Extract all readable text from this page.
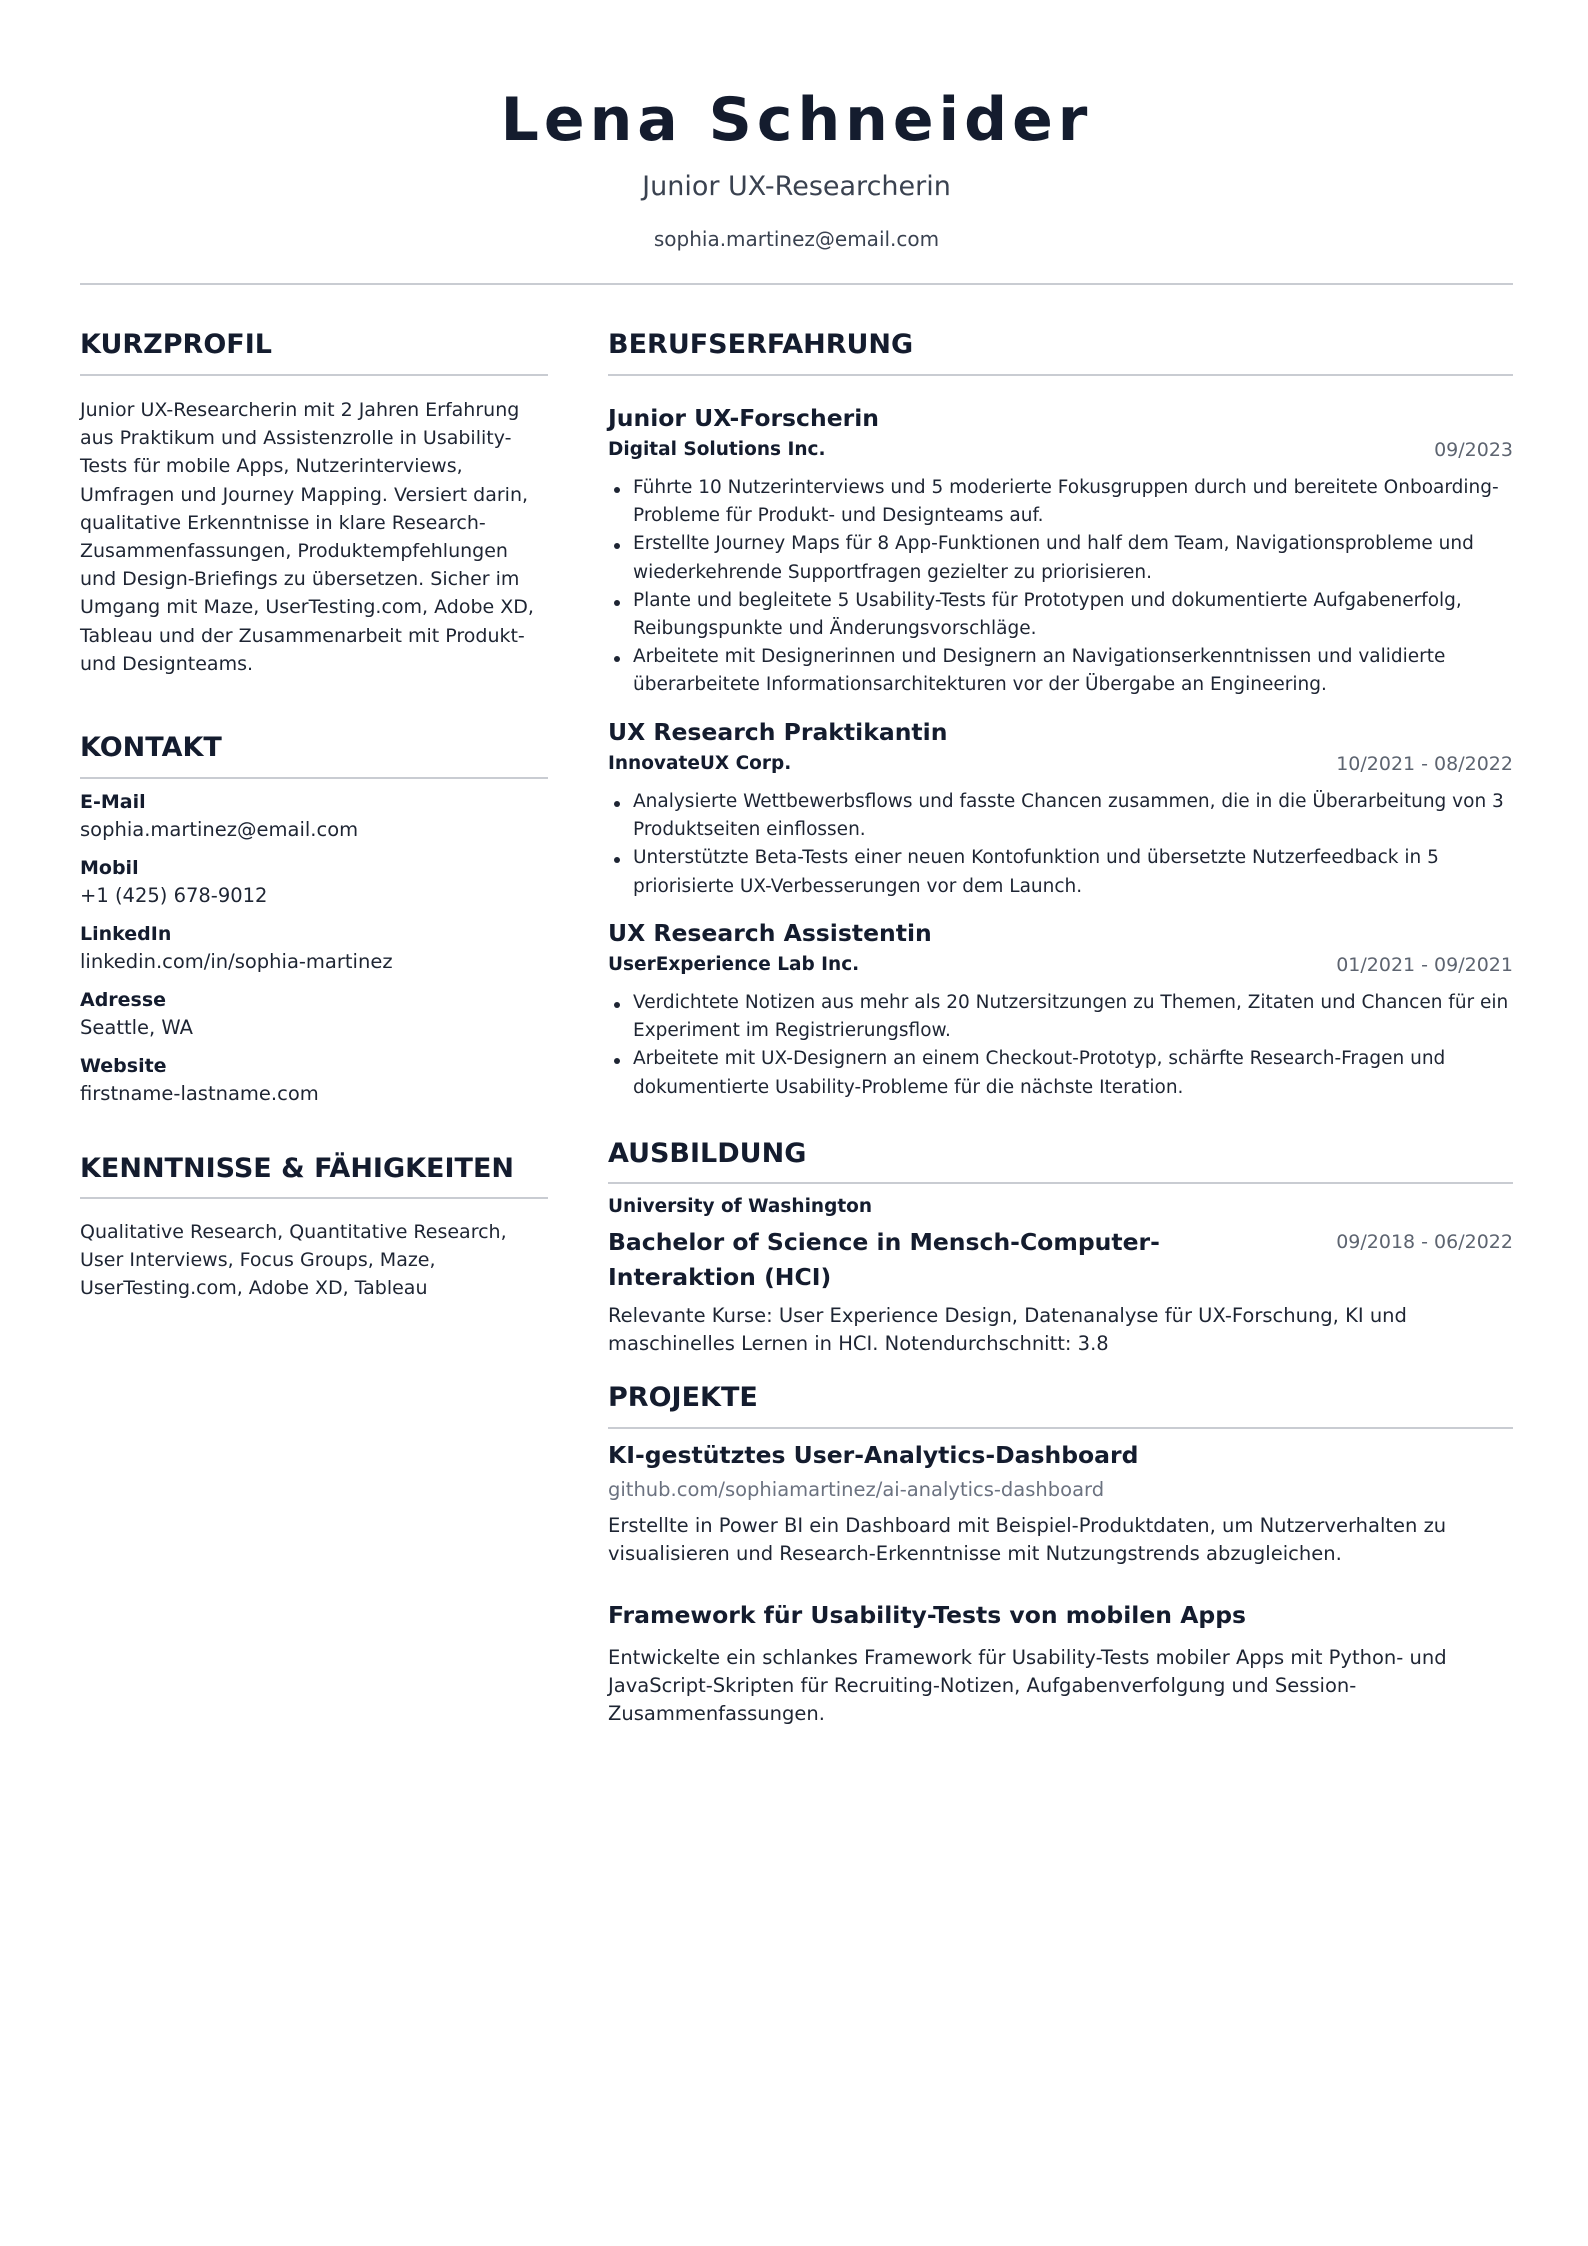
Lena Schneider
Junior UX-Researcherin
sophia.martinez@email.com
KURZPROFIL
Junior UX-Researcherin mit 2 Jahren Erfahrung aus Praktikum und Assistenzrolle in Usability-Tests für mobile Apps, Nutzerinterviews, Umfragen und Journey Mapping. Versiert darin, qualitative Erkenntnisse in klare Research-Zusammenfassungen, Produktempfehlungen und Design-Briefings zu übersetzen. Sicher im Umgang mit Maze, UserTesting.com, Adobe XD, Tableau und der Zusammenarbeit mit Produkt- und Designteams.
KONTAKT
E-Mail
sophia.martinez@email.com
Mobil
+1 (425) 678-9012
LinkedIn
linkedin.com/in/sophia-martinez
Adresse
Seattle, WA
Website
firstname-lastname.com
KENNTNISSE & FÄHIGKEITEN
Qualitative Research, Quantitative Research, User Interviews, Focus Groups, Maze, UserTesting.com, Adobe XD, Tableau
BERUFSERFAHRUNG
Junior UX-Forscherin
Digital Solutions Inc.	09/2023
Führte 10 Nutzerinterviews und 5 moderierte Fokusgruppen durch und bereitete Onboarding-Probleme für Produkt- und Designteams auf.
Erstellte Journey Maps für 8 App-Funktionen und half dem Team, Navigationsprobleme und wiederkehrende Supportfragen gezielter zu priorisieren.
Plante und begleitete 5 Usability-Tests für Prototypen und dokumentierte Aufgabenerfolg, Reibungspunkte und Änderungsvorschläge.
Arbeitete mit Designerinnen und Designern an Navigationserkenntnissen und validierte überarbeitete Informationsarchitekturen vor der Übergabe an Engineering.
UX Research Praktikantin
InnovateUX Corp.	10/2021 - 08/2022
Analysierte Wettbewerbsflows und fasste Chancen zusammen, die in die Überarbeitung von 3 Produktseiten einflossen.
Unterstützte Beta-Tests einer neuen Kontofunktion und übersetzte Nutzerfeedback in 5 priorisierte UX-Verbesserungen vor dem Launch.
UX Research Assistentin
UserExperience Lab Inc.	01/2021 - 09/2021
Verdichtete Notizen aus mehr als 20 Nutzersitzungen zu Themen, Zitaten und Chancen für ein Experiment im Registrierungsflow.
Arbeitete mit UX-Designern an einem Checkout-Prototyp, schärfte Research-Fragen und dokumentierte Usability-Probleme für die nächste Iteration.
AUSBILDUNG
University of Washington
Bachelor of Science in Mensch-Computer-Interaktion (HCI)
09/2018 - 06/2022
Relevante Kurse: User Experience Design, Datenanalyse für UX-Forschung, KI und maschinelles Lernen in HCI. Notendurchschnitt: 3.8
PROJEKTE
KI-gestütztes User-Analytics-Dashboard
github.com/sophiamartinez/ai-analytics-dashboard
Erstellte in Power BI ein Dashboard mit Beispiel-Produktdaten, um Nutzerverhalten zu visualisieren und Research-Erkenntnisse mit Nutzungstrends abzugleichen.
Framework für Usability-Tests von mobilen Apps
Entwickelte ein schlankes Framework für Usability-Tests mobiler Apps mit Python- und JavaScript-Skripten für Recruiting-Notizen, Aufgabenverfolgung und Session-Zusammenfassungen.
